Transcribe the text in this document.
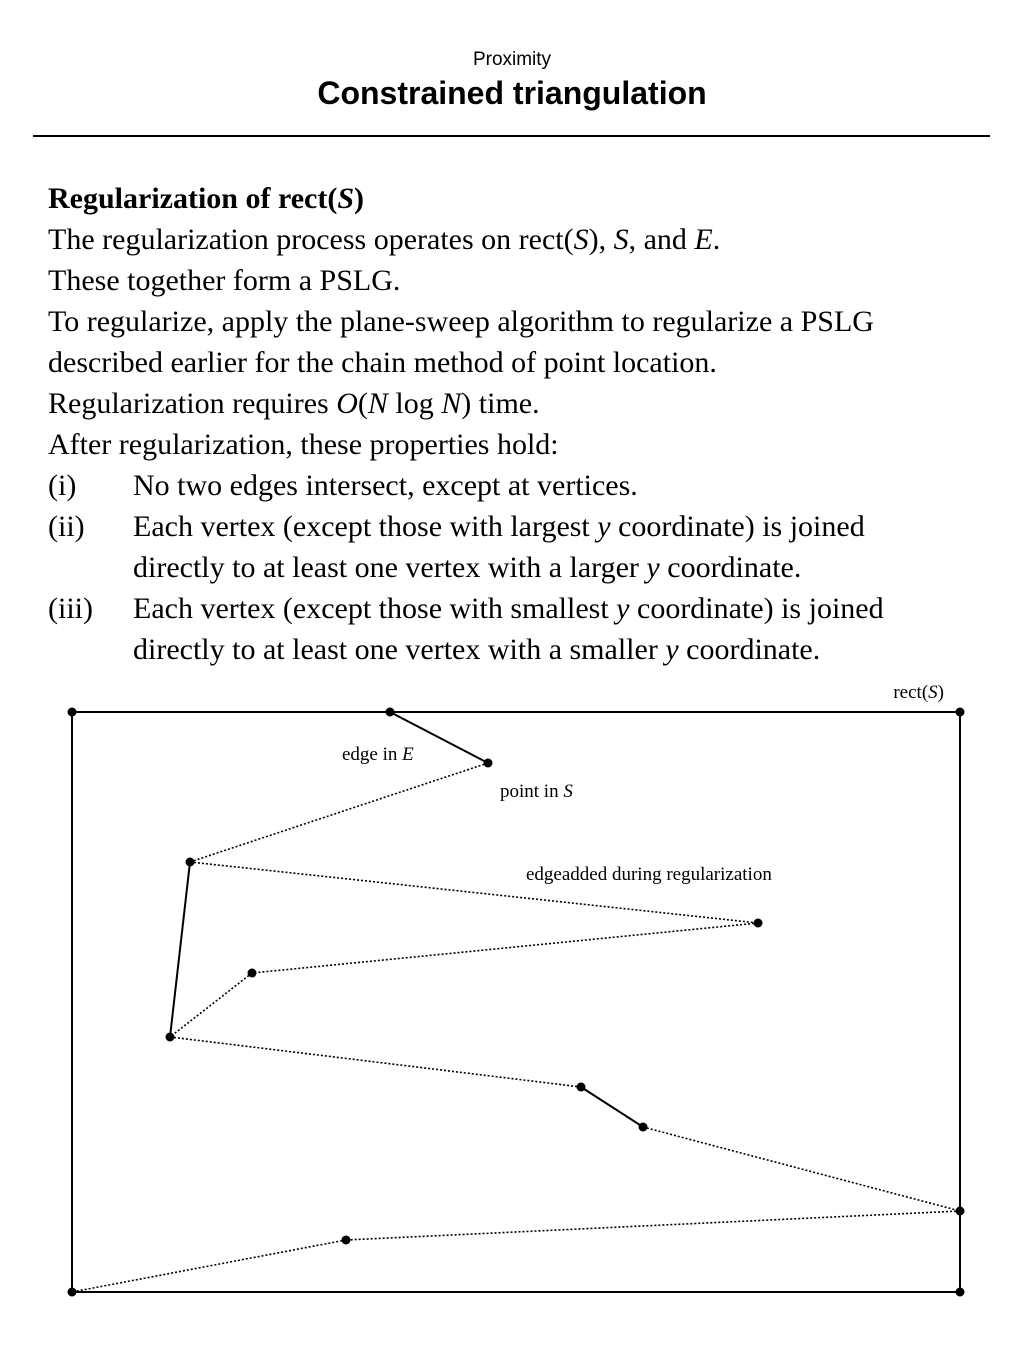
Proximity
Constrained triangulation
Regularization of rect(S)
The regularization process operates on rect(S), S, and E.
These together form a PSLG.
To regularize, apply the plane-sweep algorithm to regularize a PSLG
described earlier for the chain method of point location.
Regularization requires O(N log N) time.
After regularization, these properties hold:
(i)	No two edges intersect, except at vertices.
(ii)	Each vertex (except those with largest y coordinate) is joined
directly to at least one vertex with a larger y coordinate.
(iii)	Each vertex (except those with smallest y coordinate) is joined
directly to at least one vertex with a smaller y coordinate.
rect(S)
edge in E
point in S
edgeadded during regularization
